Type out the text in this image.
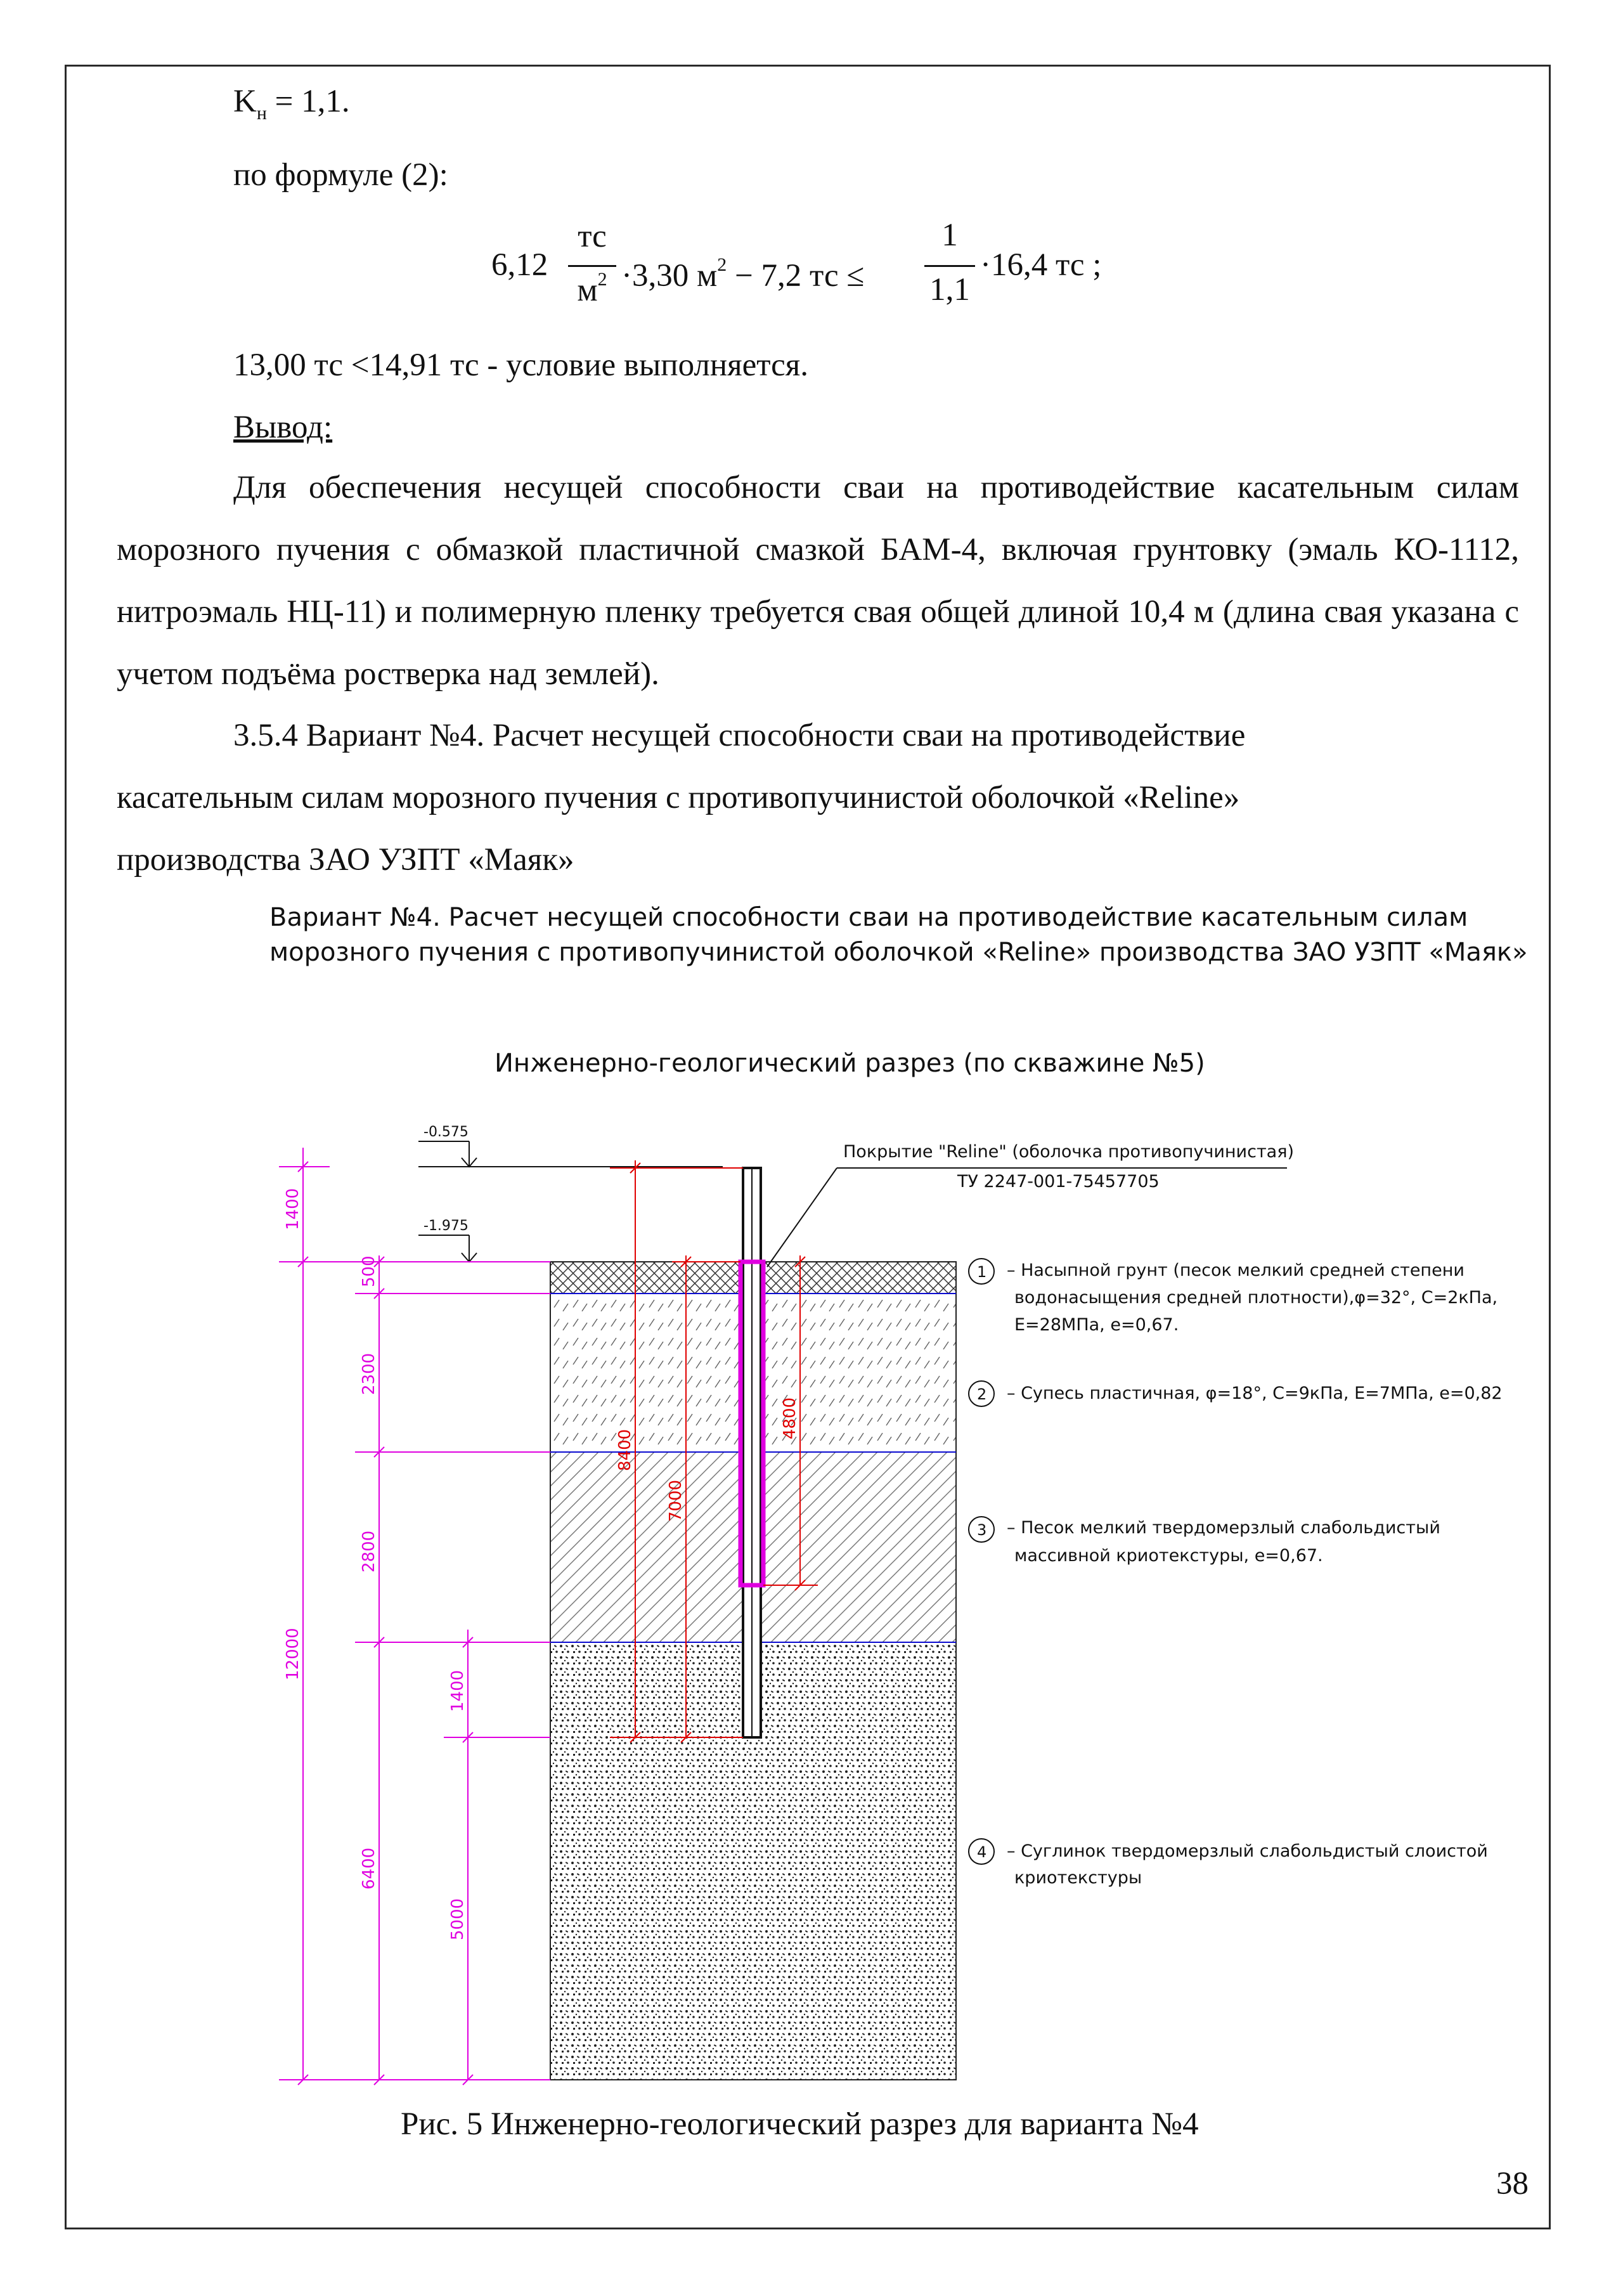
$K_н = 1,1$.
по формуле (2):
6,12
тс
$м^2 \cdot 3,30$ $м^2 - 7,2$ тс ≤
1
1,1
·16,4 тс ;
13,00 тс <14,91 тс - условие выполняется.
Вывод:
Для обеспечения несущей способности сваи на противодействие касательным силам морозного пучения с обмазкой пластичной смазкой БАМ-4, включая грунтовку (эмаль КО-1112, нитроэмаль НЦ-11) и полимерную пленку требуется свая общей длиной 10,4 м (длина свая указана с учетом подъёма ростверка над землей).
3.5.4 Вариант №4. Расчет несущей способности сваи на противодействие
касательным силам морозного пучения с противопучинистой оболочкой «Reline»
производства ЗАО УЗПТ «Маяк»
Вариант №4. Расчет несущей способности сваи на противодействие касательным силам
морозного пучения с противопучинистой оболочкой «Reline» производства ЗАО УЗПТ «Маяк»
Инженерно-геологический разрез (по скважине №5)
-0.575
-1.975
1400
500
2300
2800
12000
6400
1400
5000
8400
7000
4800
Покрытие "Reline" (оболочка противопучинистая)
ТУ 2247-001-75457705
1 – Насыпной грунт (песок мелкий средней степени
водонасыщения средней плотности),φ=32°, С=2кПа,
Е=28МПа, е=0,67.
2 – Супесь пластичная, φ=18°, С=9кПа, Е=7МПа, е=0,82
3 – Песок мелкий твердомерзлый слабольдистый
массивной криотекстуры, е=0,67.
4 – Суглинок твердомерзлый слабольдистый слоистой
криотекстуры
Рис. 5 Инженерно-геологический разрез для варианта №4
38
